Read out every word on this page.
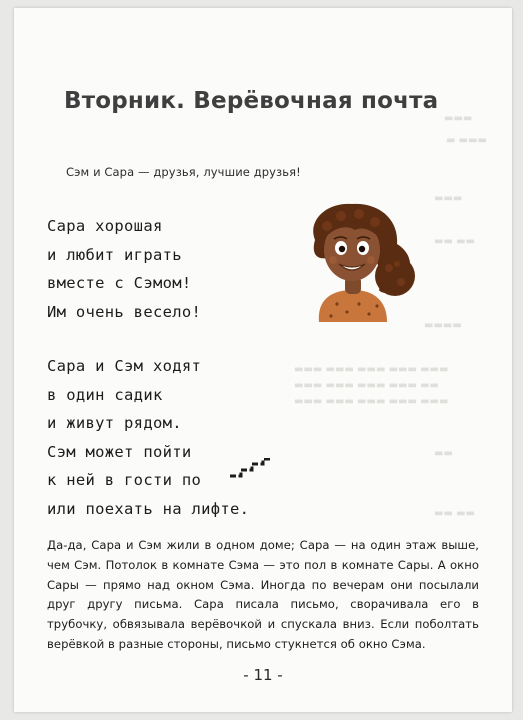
▬▬▬
▬ ▬▬▬
▬▬▬
▬▬ ▬▬
▬▬▬▬
▬▬▬ ▬▬▬ ▬▬▬ ▬▬▬ ▬▬▬
▬▬▬ ▬▬▬ ▬▬▬ ▬▬▬ ▬▬
▬▬▬ ▬▬▬ ▬▬▬ ▬▬▬ ▬▬▬
▬▬
▬▬ ▬▬
Вторник. Верёвочная почта

Сэм и Сара — друзья, лучшие друзья!

Сара хорошая
и любит играть
вместе с Сэмом!
Им очень весело!
Сара и Сэм ходят
в один садик
и живут рядом.
Сэм может пойти
к ней в гости по
или поехать на лифте.

Да-да, Сара и Сэм жили в одном доме; Сара — на один этаж выше, чем Сэм. Потолок в комнате Сэма — это пол в комнате Сары. А окно Сары — прямо над окном Сэма. Иногда по вечерам они посылали друг другу письма. Сара писала письмо, сворачивала его в трубочку, обвязывала верёвочкой и спускала вниз. Если поболтать верёвкой в разные стороны, письмо стукнется об окно Сэма.

- 11 -
